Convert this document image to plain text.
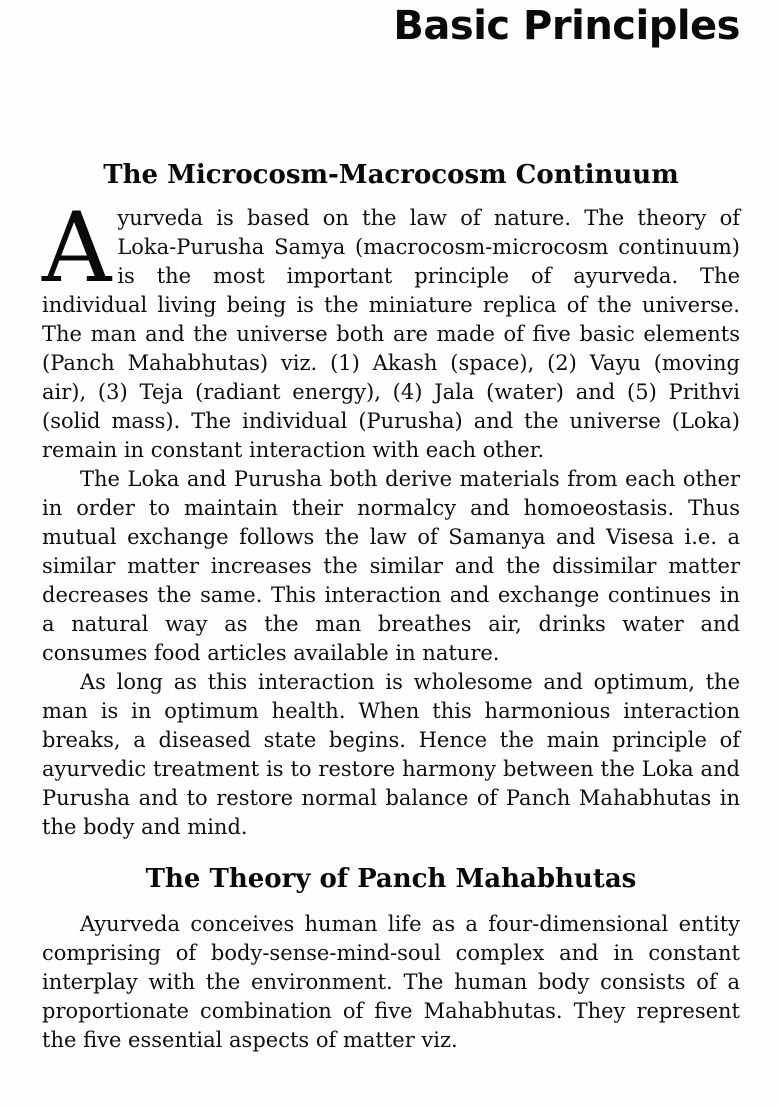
Basic Principles
The Microcosm-Macrocosm Continuum

Ayurveda is based on the law of nature. The theory of Loka-Purusha Samya (macrocosm-microcosm continuum) is the most important principle of ayurveda. The individual living being is the miniature replica of the universe. The man and the universe both are made of five basic elements (Panch Mahabhutas) viz. (1) Akash (space), (2) Vayu (moving air), (3) Teja (radiant energy), (4) Jala (water) and (5) Prithvi (solid mass). The individual (Purusha) and the universe (Loka) remain in constant interaction with each other.

The Loka and Purusha both derive materials from each other in order to maintain their normalcy and homoeostasis. Thus mutual exchange follows the law of Samanya and Visesa i.e. a similar matter increases the similar and the dissimilar matter decreases the same. This interaction and exchange continues in a natural way as the man breathes air, drinks water and consumes food articles available in nature.

As long as this interaction is wholesome and optimum, the man is in optimum health. When this harmonious interaction breaks, a diseased state begins. Hence the main principle of ayurvedic treatment is to restore harmony between the Loka and Purusha and to restore normal balance of Panch Mahabhutas in the body and mind.

The Theory of Panch Mahabhutas

Ayurveda conceives human life as a four-dimensional entity comprising of body-sense-mind-soul complex and in constant interplay with the environment. The human body consists of a proportionate combination of five Mahabhutas. They represent the five essential aspects of matter viz.
